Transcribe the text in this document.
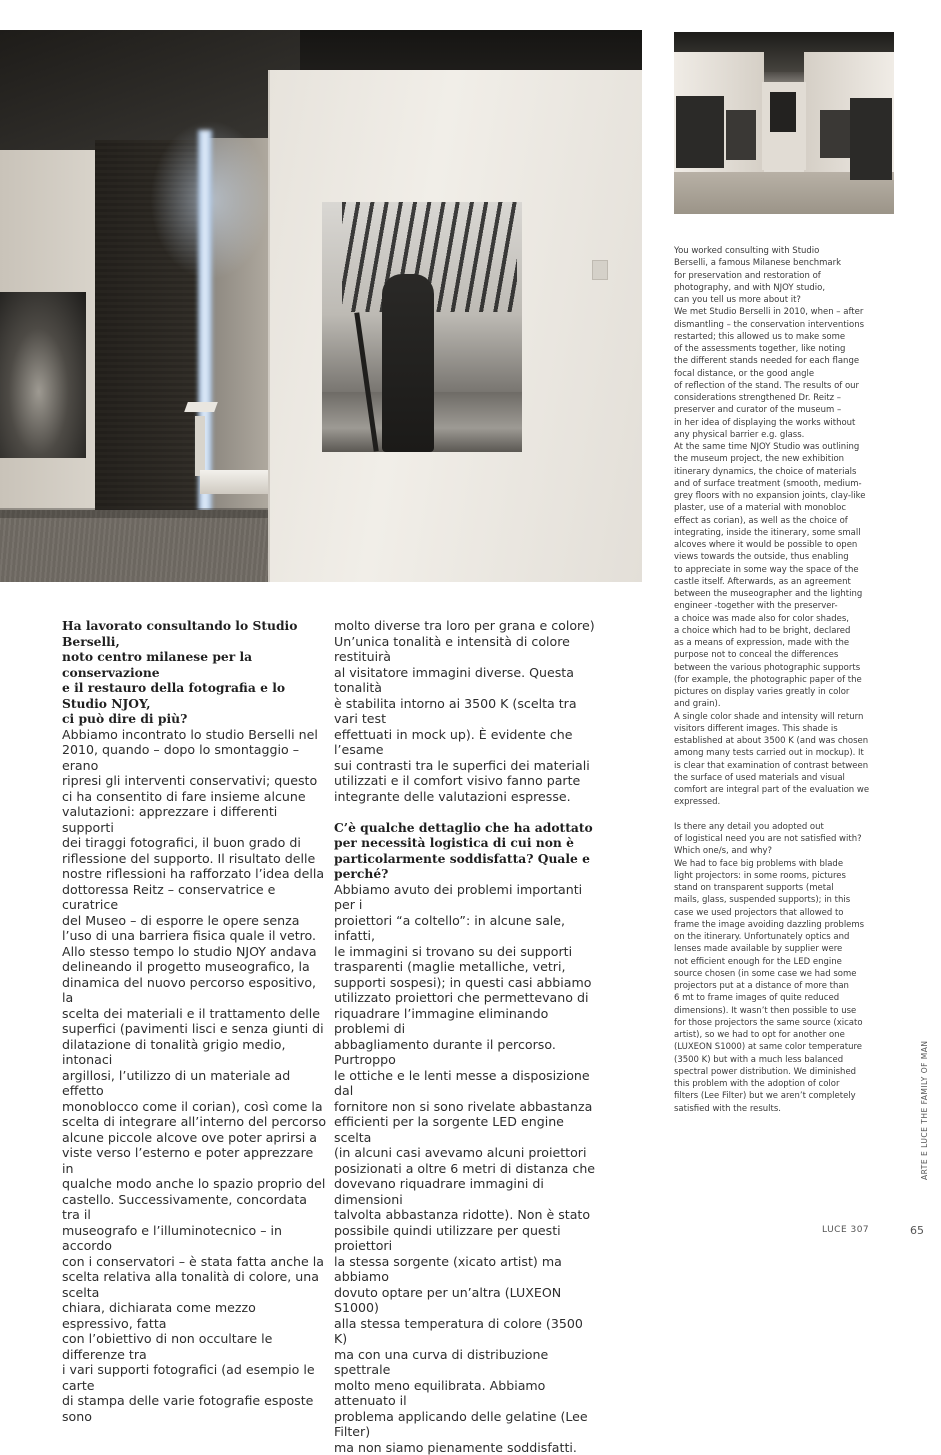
Ha lavorato consultando lo Studio Berselli,

noto centro milanese per la conservazione

e il restauro della fotografia e lo Studio NJOY,

ci può dire di più?

Abbiamo incontrato lo studio Berselli nel

2010, quando – dopo lo smontaggio – erano

ripresi gli interventi conservativi; questo

ci ha consentito di fare insieme alcune

valutazioni: apprezzare i differenti supporti

dei tiraggi fotografici, il buon grado di

riflessione del supporto. Il risultato delle

nostre riflessioni ha rafforzato l’idea della

dottoressa Reitz – conservatrice e curatrice

del Museo – di esporre le opere senza

l’uso di una barriera fisica quale il vetro.

Allo stesso tempo lo studio NJOY andava

delineando il progetto museografico, la

dinamica del nuovo percorso espositivo, la

scelta dei materiali e il trattamento delle

superfici (pavimenti lisci e senza giunti di

dilatazione di tonalità grigio medio, intonaci

argillosi, l’utilizzo di un materiale ad effetto

monoblocco come il corian), così come la

scelta di integrare all’interno del percorso

alcune piccole alcove ove poter aprirsi a

viste verso l’esterno e poter apprezzare in

qualche modo anche lo spazio proprio del

castello. Successivamente, concordata tra il

museografo e l’illuminotecnico – in accordo

con i conservatori – è stata fatta anche la

scelta relativa alla tonalità di colore, una scelta

chiara, dichiarata come mezzo espressivo, fatta

con l’obiettivo di non occultare le differenze tra

i vari supporti fotografici (ad esempio le carte

di stampa delle varie fotografie esposte sono

molto diverse tra loro per grana e colore)

Un’unica tonalità e intensità di colore restituirà

al visitatore immagini diverse. Questa tonalità

è stabilita intorno ai 3500 K (scelta tra vari test

effettuati in mock up). È evidente che l’esame

sui contrasti tra le superfici dei materiali

utilizzati e il comfort visivo fanno parte

integrante delle valutazioni espresse.

C’è qualche dettaglio che ha adottato

per necessità logistica di cui non è

particolarmente soddisfatta? Quale e perché?

Abbiamo avuto dei problemi importanti per i

proiettori “a coltello”: in alcune sale, infatti,

le immagini si trovano su dei supporti

trasparenti (maglie metalliche, vetri,

supporti sospesi); in questi casi abbiamo

utilizzato proiettori che permettevano di

riquadrare l’immagine eliminando problemi di

abbagliamento durante il percorso. Purtroppo

le ottiche e le lenti messe a disposizione dal

fornitore non si sono rivelate abbastanza

efficienti per la sorgente LED engine scelta

(in alcuni casi avevamo alcuni proiettori

posizionati a oltre 6 metri di distanza che

dovevano riquadrare immagini di dimensioni

talvolta abbastanza ridotte). Non è stato

possibile quindi utilizzare per questi proiettori

la stessa sorgente (xicato artist) ma abbiamo

dovuto optare per un’altra (LUXEON S1000)

alla stessa temperatura di colore (3500 K)

ma con una curva di distribuzione spettrale

molto meno equilibrata. Abbiamo attenuato il

problema applicando delle gelatine (Lee Filter)

ma non siamo pienamente soddisfatti.

You worked consulting with Studio

Berselli, a famous Milanese benchmark

for preservation and restoration of

photography, and with NJOY studio,

can you tell us more about it?

We met Studio Berselli in 2010, when – after

dismantling – the conservation interventions

restarted; this allowed us to make some

of the assessments together, like noting

the different stands needed for each flange

focal distance, or the good angle

of reflection of the stand. The results of our

considerations strengthened Dr. Reitz –

preserver and curator of the museum –

in her idea of displaying the works without

any physical barrier e.g. glass.

At the same time NJOY Studio was outlining

the museum project, the new exhibition

itinerary dynamics, the choice of materials

and of surface treatment (smooth, medium-

grey floors with no expansion joints, clay-like

plaster, use of a material with monobloc

effect as corian), as well as the choice of

integrating, inside the itinerary, some small

alcoves where it would be possible to open

views towards the outside, thus enabling

to appreciate in some way the space of the

castle itself. Afterwards, as an agreement

between the museographer and the lighting

engineer -together with the preserver-

a choice was made also for color shades,

a choice which had to be bright, declared

as a means of expression, made with the

purpose not to conceal the differences

between the various photographic supports

(for example, the photographic paper of the

pictures on display varies greatly in color

and grain).

A single color shade and intensity will return

visitors different images. This shade is

established at about 3500 K (and was chosen

among many tests carried out in mockup). It

is clear that examination of contrast between

the surface of used materials and visual

comfort are integral part of the evaluation we

expressed.

Is there any detail you adopted out

of logistical need you are not satisfied with?

Which one/s, and why?

We had to face big problems with blade

light projectors: in some rooms, pictures

stand on transparent supports (metal

mails, glass, suspended supports); in this

case we used projectors that allowed to

frame the image avoiding dazzling problems

on the itinerary. Unfortunately optics and

lenses made available by supplier were

not efficient enough for the LED engine

source chosen (in some case we had some

projectors put at a distance of more than

6 mt to frame images of quite reduced

dimensions). It wasn’t then possible to use

for those projectors the same source (xicato

artist), so we had to opt for another one

(LUXEON S1000) at same color temperature

(3500 K) but with a much less balanced

spectral power distribution. We diminished

this problem with the adoption of color

filters (Lee Filter) but we aren’t completely

satisfied with the results.	ARTE E LUCE THE FAMILY OF MAN
LUCE 307	65
